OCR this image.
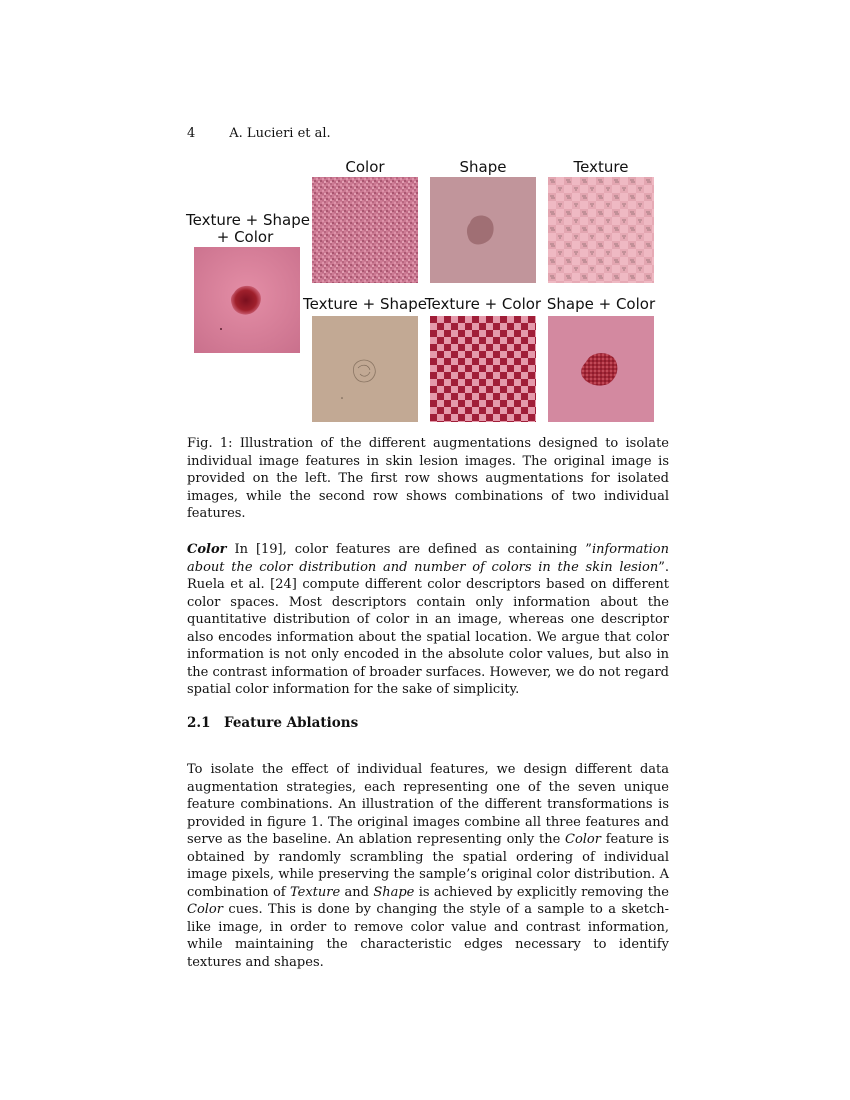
4	A. Lucieri et al.
Texture + Shape
+ Color
Color	Shape	Texture
Texture + Shape
Texture + Color Shape + Color
Fig. 1: Illustration of the different augmentations designed to isolate individual image features in skin lesion images. The original image is provided on the left. The first row shows augmentations for isolated images, while the second row shows combinations of two individual features.

Color In [19], color features are defined as containing ”information about the color distribution and number of colors in the skin lesion”. Ruela et al. [24] compute different color descriptors based on different color spaces. Most descriptors contain only information about the quantitative distribution of color in an image, whereas one descriptor also encodes information about the spatial location. We argue that color information is not only encoded in the absolute color values, but also in the contrast information of broader surfaces. However, we do not regard spatial color information for the sake of simplicity.

2.1 Feature Ablations

To isolate the effect of individual features, we design different data augmentation strategies, each representing one of the seven unique feature combinations. An illustration of the different transformations is provided in figure 1. The original images combine all three features and serve as the baseline. An ablation representing only the Color feature is obtained by randomly scrambling the spatial ordering of individual image pixels, while preserving the sample’s original color distribution. A combination of Texture and Shape is achieved by explicitly removing the Color cues. This is done by changing the style of a sample to a sketch-like image, in order to remove color value and contrast information, while maintaining the characteristic edges necessary to identify textures and shapes.
